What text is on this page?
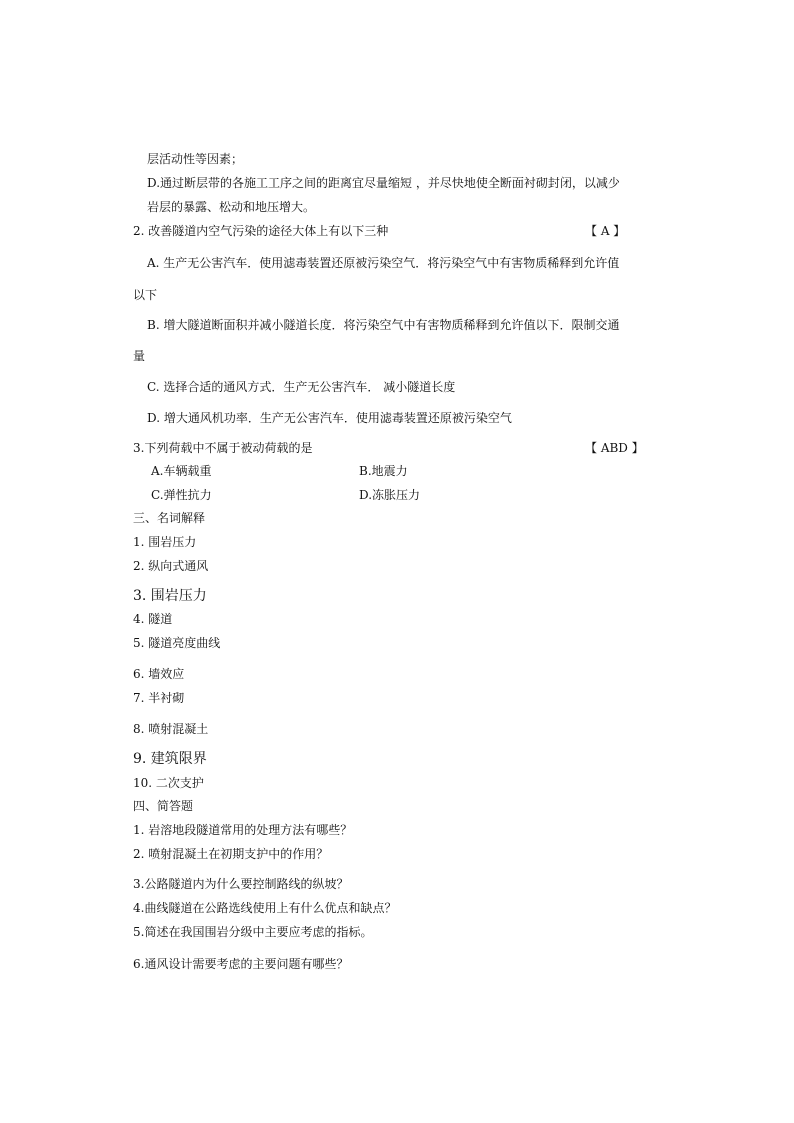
层活动性等因素；
D.通过断层带的各施工工序之间的距离宜尽量缩短 ，并尽快地使全断面衬砌封闭，以减少
岩层的暴露、松动和地压增大。
2. 改善隧道内空气污染的途径大体上有以下三种	【 A 】
A. 生产无公害汽车．使用滤毒装置还原被污染空气．将污染空气中有害物质稀释到允许值
以下
B. 增大隧道断面积并减小隧道长度．将污染空气中有害物质稀释到允许值以下．限制交通
量
C. 选择合适的通风方式．生产无公害汽车． 减小隧道长度
D. 增大通风机功率．生产无公害汽车．使用滤毒装置还原被污染空气
3.下列荷载中不属于被动荷载的是	【 ABD 】
A.车辆载重	B.地震力
C.弹性抗力	D.冻胀压力
三、名词解释
1. 围岩压力
2. 纵向式通风
3. 围岩压力
4. 隧道
5. 隧道亮度曲线
6. 墙效应
7. 半衬砌
8. 喷射混凝土
9. 建筑限界
10. 二次支护
四、简答题
1. 岩溶地段隧道常用的处理方法有哪些？
2. 喷射混凝土在初期支护中的作用？
3.公路隧道内为什么要控制路线的纵坡？
4.曲线隧道在公路选线使用上有什么优点和缺点？
5.简述在我国围岩分级中主要应考虑的指标。
6.通风设计需要考虑的主要问题有哪些？
